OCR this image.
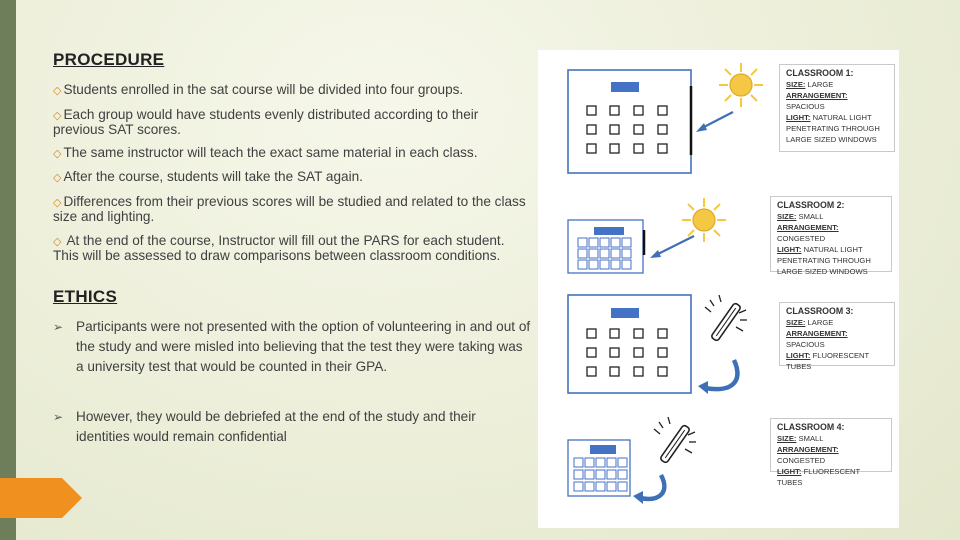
PROCEDURE
◇ Students enrolled in the sat course will be divided into four groups.
◇ Each group would have students evenly distributed according to their previous SAT scores.
◇ The same instructor will teach the exact same material in each class.
◇ After the course, students will take the SAT again.
◇ Differences from their previous scores will be studied and related to the class size and lighting.
◇ At the end of the course, Instructor will fill out the PARS for each student. This will be assessed to draw comparisons between classroom conditions.
ETHICS
➢ Participants were not presented with the option of volunteering in and out of the study and were misled into believing that the test they were taking was a university test that would be counted in their GPA.
➢ However, they would be debriefed at the end of the study and their identities would remain confidential
CLASSROOM 1:
SIZE: LARGE
ARRANGEMENT: SPACIOUS
LIGHT: NATURAL LIGHT PENETRATING THROUGH LARGE SIZED WINDOWS
CLASSROOM 2:
SIZE: SMALL
ARRANGEMENT: CONGESTED
LIGHT: NATURAL LIGHT PENETRATING THROUGH LARGE SIZED WINDOWS
CLASSROOM 3:
SIZE: LARGE
ARRANGEMENT: SPACIOUS
LIGHT: FLUORESCENT TUBES
CLASSROOM 4:
SIZE: SMALL
ARRANGEMENT: CONGESTED
LIGHT: FLUORESCENT TUBES
